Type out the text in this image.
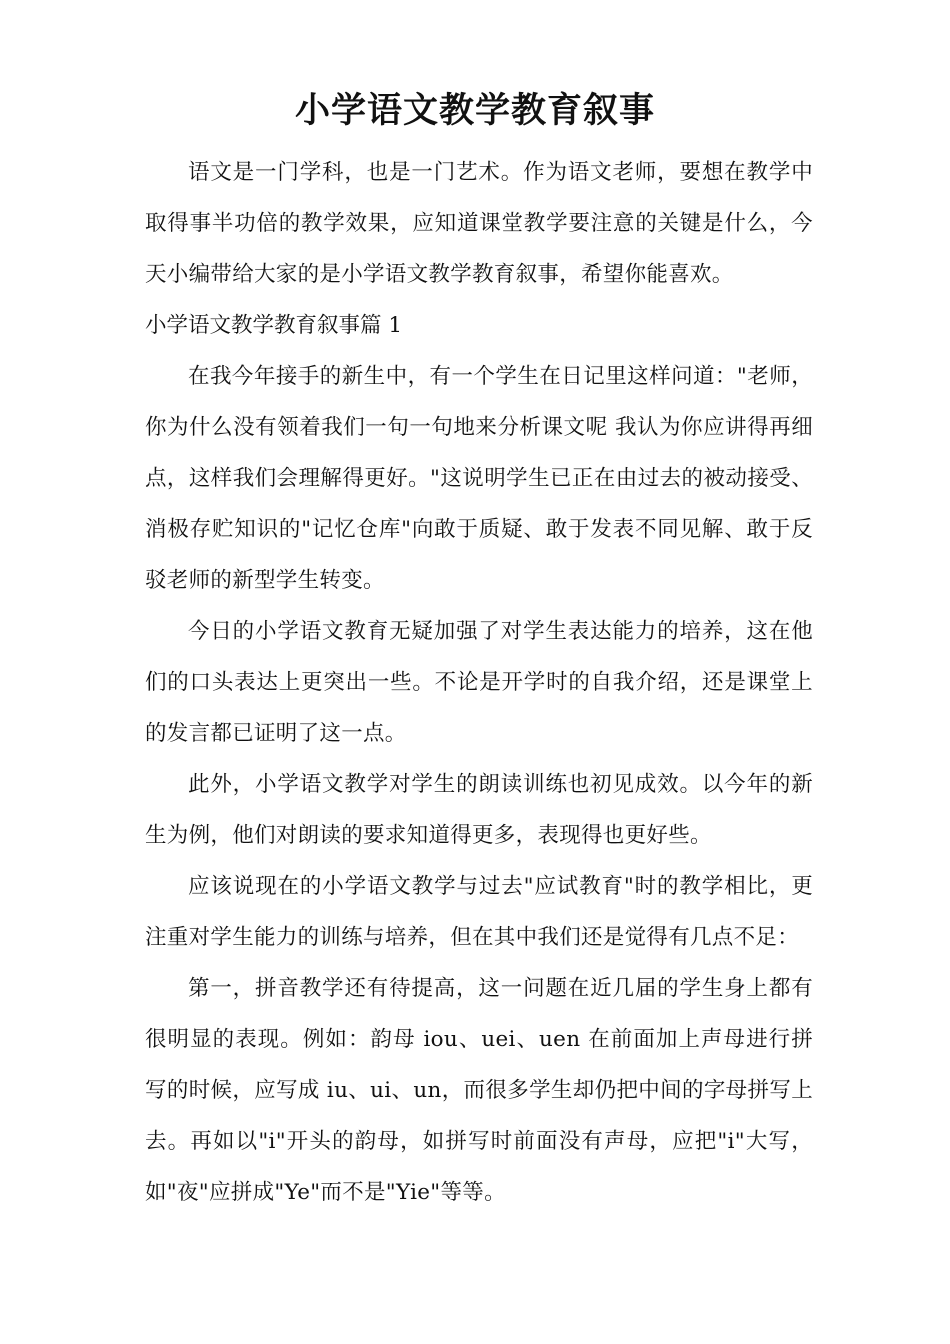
小学语文教学教育叙事

语文是一门学科，也是一门艺术。作为语文老师，要想在教学中取得事半功倍的教学效果，应知道课堂教学要注意的关键是什么，今天小编带给大家的是小学语文教学教育叙事，希望你能喜欢。

小学语文教学教育叙事篇 1

在我今年接手的新生中，有一个学生在日记里这样问道："老师，你为什么没有领着我们一句一句地来分析课文呢 我认为你应讲得再细点，这样我们会理解得更好。"这说明学生已正在由过去的被动接受、消极存贮知识的"记忆仓库"向敢于质疑、敢于发表不同见解、敢于反驳老师的新型学生转变。

今日的小学语文教育无疑加强了对学生表达能力的培养，这在他们的口头表达上更突出一些。不论是开学时的自我介绍，还是课堂上的发言都已证明了这一点。

此外，小学语文教学对学生的朗读训练也初见成效。以今年的新生为例，他们对朗读的要求知道得更多，表现得也更好些。

应该说现在的小学语文教学与过去"应试教育"时的教学相比，更注重对学生能力的训练与培养，但在其中我们还是觉得有几点不足：

第一，拼音教学还有待提高，这一问题在近几届的学生身上都有很明显的表现。例如：韵母 iou、uei、uen 在前面加上声母进行拼写的时候，应写成 iu、ui、un，而很多学生却仍把中间的字母拼写上去。再如以"i"开头的韵母，如拼写时前面没有声母，应把"i"大写，如"夜"应拼成"Ye"而不是"Yie"等等。
